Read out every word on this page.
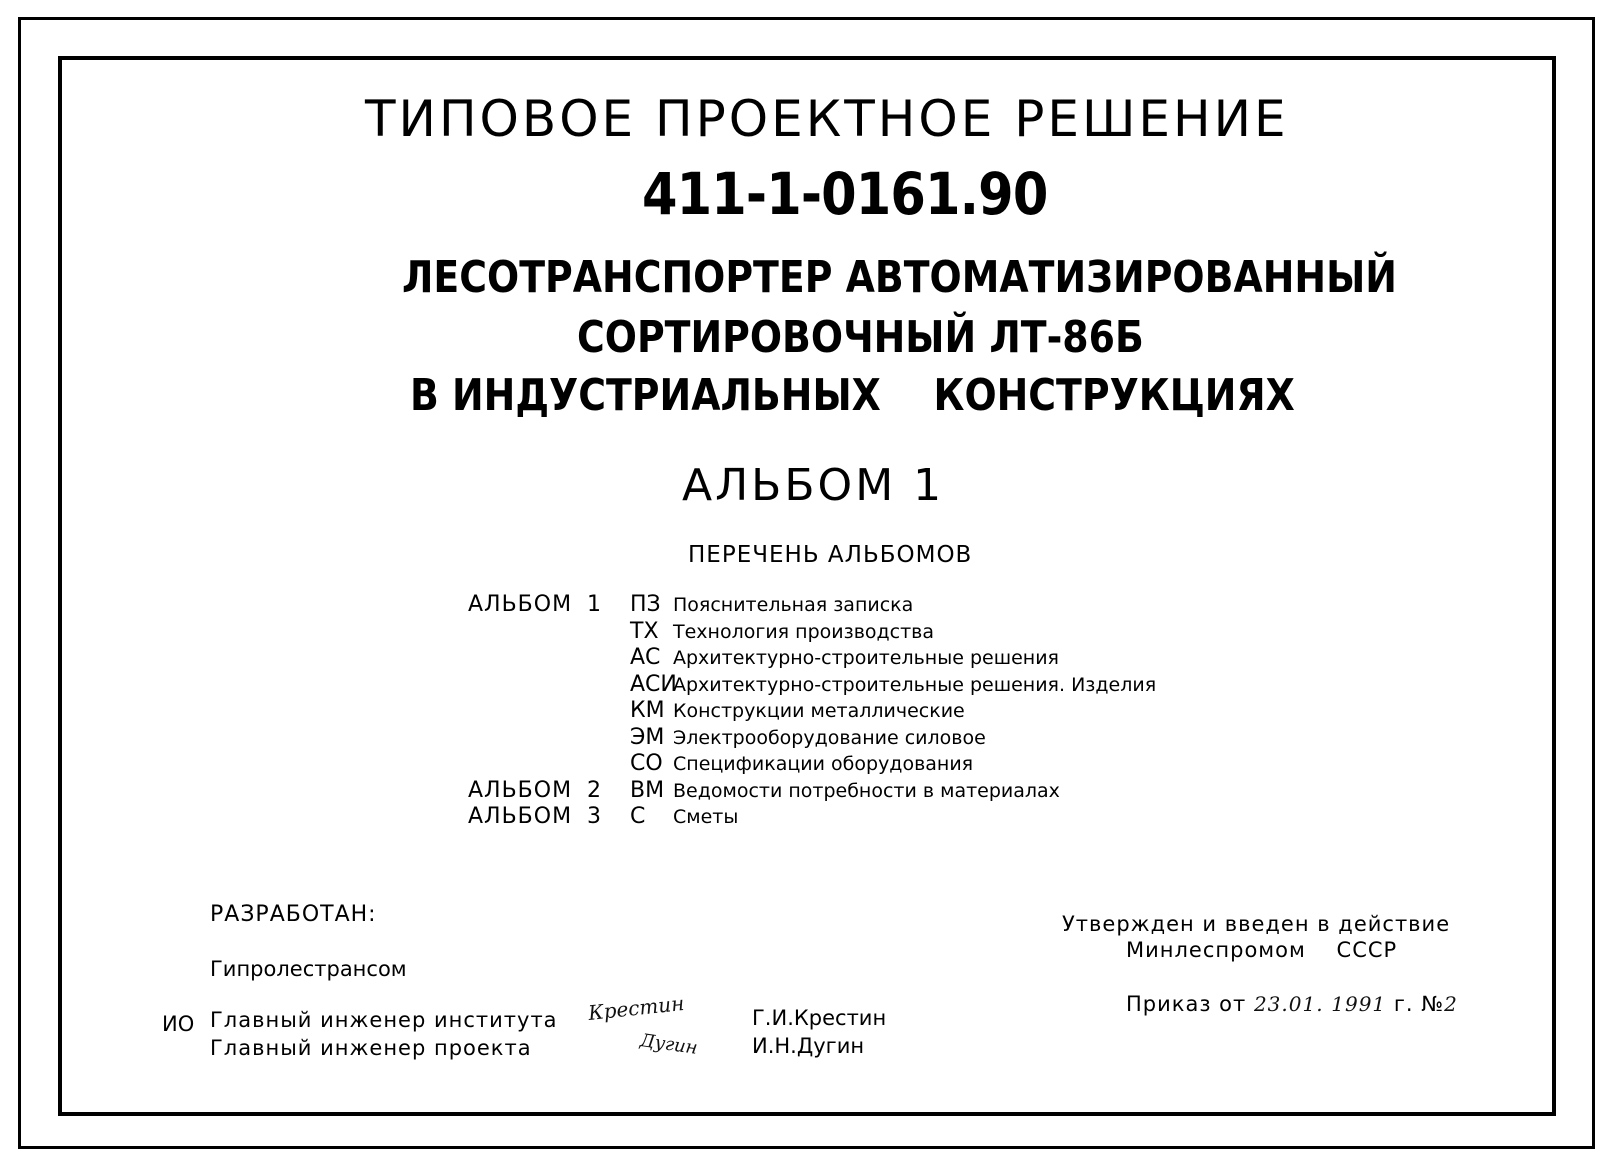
ТИПОВОЕ ПРОЕКТНОЕ РЕШЕНИЕ
411-1-0161.90
ЛЕСОТРАНСПОРТЕР АВТОМАТИЗИРОВАННЫЙ
СОРТИРОВОЧНЫЙ ЛТ-86Б
В ИНДУСТРИАЛЬНЫХ    КОНСТРУКЦИЯХ
АЛЬБОМ 1
ПЕРЕЧЕНЬ АЛЬБОМОВ
АЛЬБОМ 1 ПЗ Пояснительная записка
ТХ Технология производства
АС Архитектурно-строительные решения
АСИ
Архитектурно-строительные решения. Изделия
КМ Конструкции металлические
ЭМ Электрооборудование силовое
СО Спецификации оборудования
АЛЬБОМ 2 ВМ Ведомости потребности в материалах
АЛЬБОМ 3 С Сметы
РАЗРАБОТАН:
Гипролестрансом
ИО Главный инженер института
Главный инженер проекта
Крестин
Дугин
Г.И.Крестин
И.Н.Дугин
Утвержден и введен в действие
Минлеспромом    СССР
Приказ от 23.01. 1991 г. №2
